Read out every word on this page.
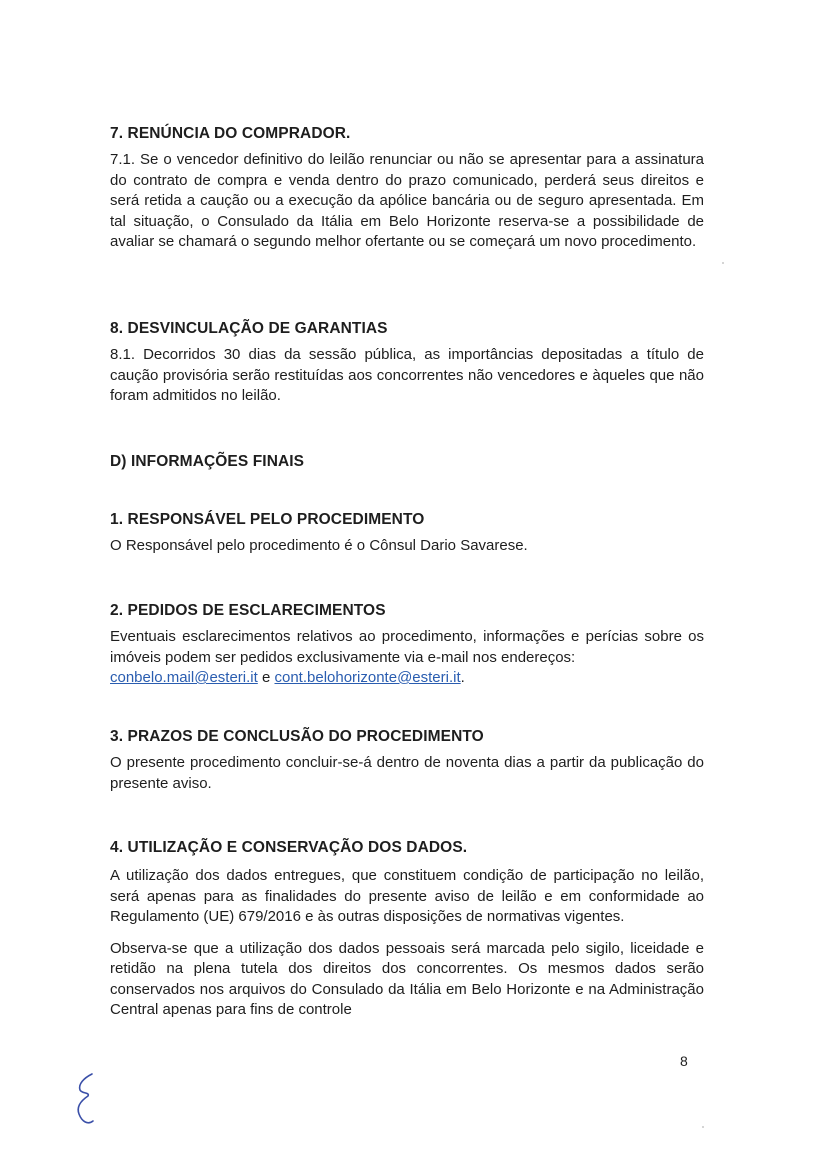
7. RENÚNCIA DO COMPRADOR.

7.1. Se o vencedor definitivo do leilão renunciar ou não se apresentar para a assinatura do contrato de compra e venda dentro do prazo comunicado, perderá seus direitos e será retida a caução ou a execução da apólice bancária ou de seguro apresentada. Em tal situação, o Consulado da Itália em Belo Horizonte reserva-se a possibilidade de avaliar se chamará o segundo melhor ofertante ou se começará um novo procedimento.

8. DESVINCULAÇÃO DE GARANTIAS

8.1. Decorridos 30 dias da sessão pública, as importâncias depositadas a título de caução provisória serão restituídas aos concorrentes não vencedores e àqueles que não foram admitidos no leilão.

D) INFORMAÇÕES FINAIS

1. RESPONSÁVEL PELO PROCEDIMENTO

O Responsável pelo procedimento é o Cônsul Dario Savarese.

2. PEDIDOS DE ESCLARECIMENTOS

Eventuais esclarecimentos relativos ao procedimento, informações e perícias sobre os imóveis podem ser pedidos exclusivamente via e-mail nos endereços:

conbelo.mail@esteri.it e cont.belohorizonte@esteri.it.

3. PRAZOS DE CONCLUSÃO DO PROCEDIMENTO

O presente procedimento concluir-se-á dentro de noventa dias a partir da publicação do presente aviso.

4. UTILIZAÇÃO E CONSERVAÇÃO DOS DADOS.

A utilização dos dados entregues, que constituem condição de participação no leilão, será apenas para as finalidades do presente aviso de leilão e em conformidade ao Regulamento (UE) 679/2016 e às outras disposições de normativas vigentes.

Observa-se que a utilização dos dados pessoais será marcada pelo sigilo, liceidade e retidão na plena tutela dos direitos dos concorrentes. Os mesmos dados serão conservados nos arquivos do Consulado da Itália em Belo Horizonte e na Administração Central apenas para fins de controle

8
